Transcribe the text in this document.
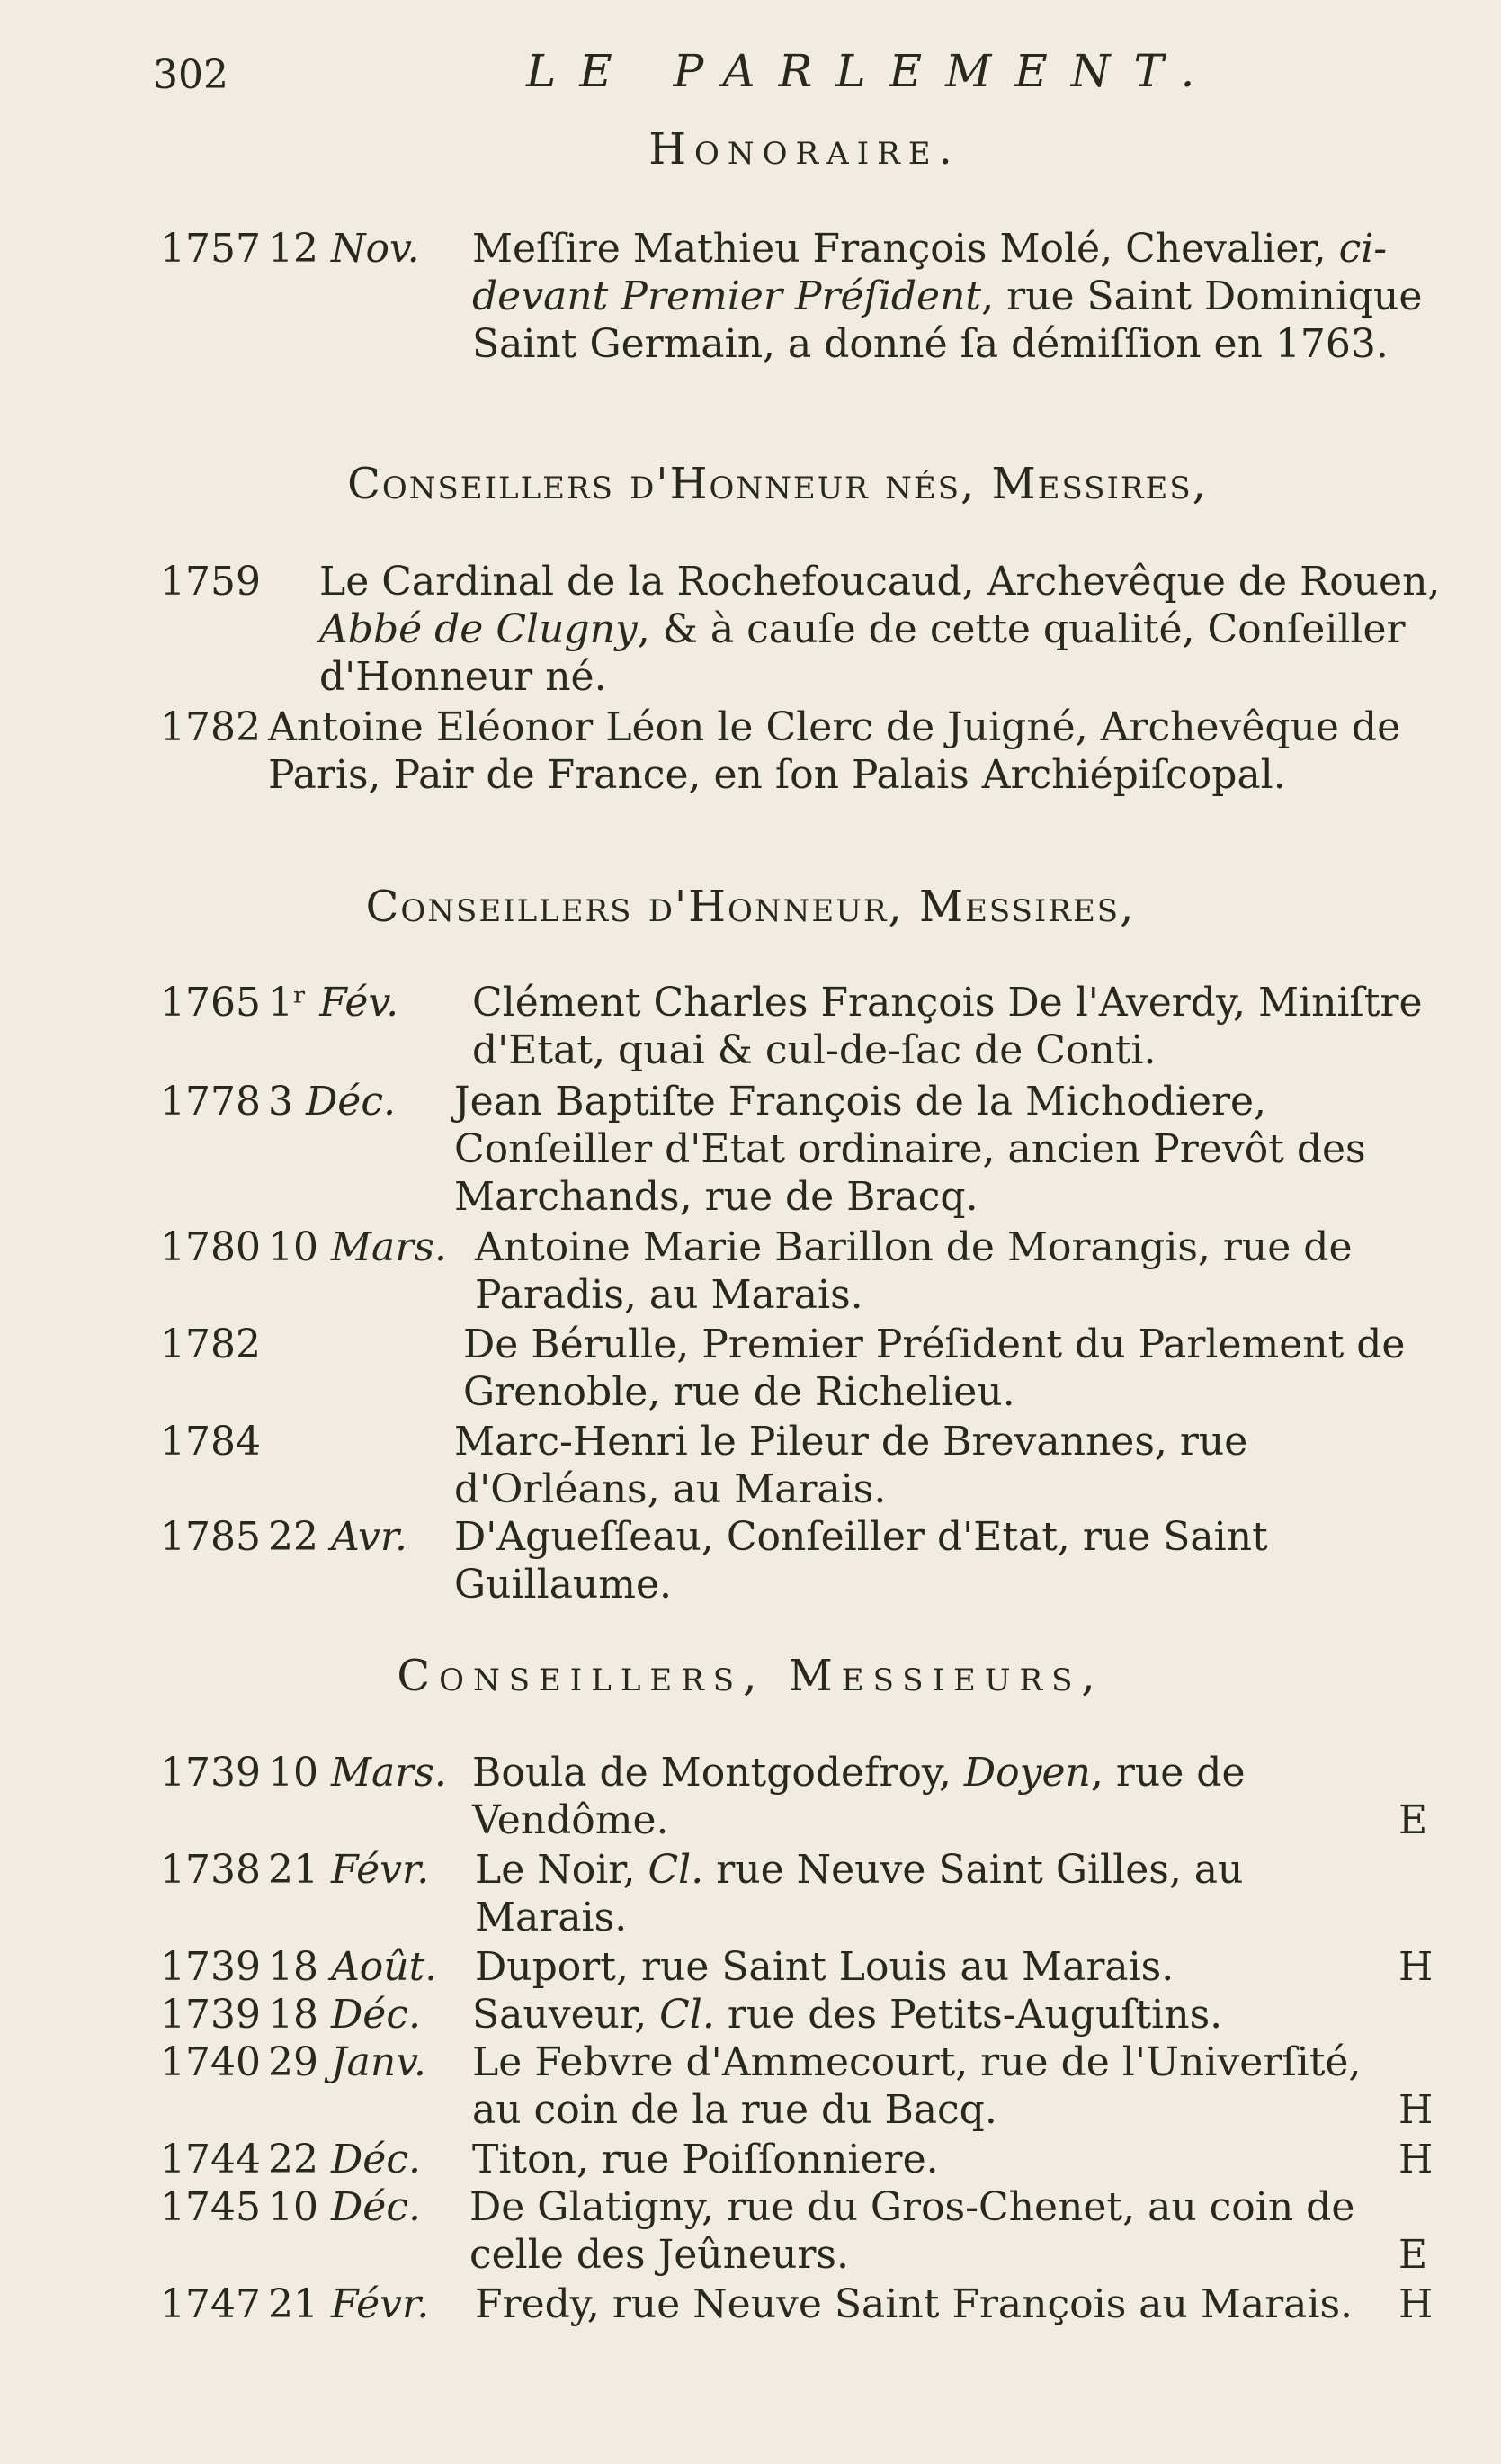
302	LE PARLEMENT.
Honoraire.
1757 12 Nov.	Meſſire Mathieu François Molé, Chevalier, ci-devant Premier Préſident, rue Saint Dominique Saint Germain, a donné ſa démiſſion en 1763.
Conseillers d'Honneur nés, Messires,
1759 Le Cardinal de la Rochefoucaud, Archevêque de Rouen, Abbé de Clugny, & à cauſe de cette qualité, Conſeiller d'Honneur né.
1782 Antoine Eléonor Léon le Clerc de Juigné, Archevêque de Paris, Pair de France, en ſon Palais Archiépiſcopal.
Conseillers d'Honneur, Messires,
1765 1ʳ Fév. Clément Charles François De l'Averdy, Miniſtre d'Etat, quai & cul-de-ſac de Conti.
1778 3 Déc. Jean Baptiſte François de la Michodiere, Conſeiller d'Etat ordinaire, ancien Prevôt des Marchands, rue de Bracq.
1780 10 Mars. Antoine Marie Barillon de Morangis, rue de Paradis, au Marais.
1782	De Bérulle, Premier Préſident du Parlement de Grenoble, rue de Richelieu.
1784	Marc-Henri le Pileur de Brevannes, rue d'Orléans, au Marais.
1785 22 Avr. D'Agueſſeau, Conſeiller d'Etat, rue Saint Guillaume.
Conseillers, Messieurs,
1739 10 Mars. Boula de Montgodefroy, Doyen, rue de Vendôme.	E
1738 21 Févr. Le Noir, Cl. rue Neuve Saint Gilles, au Marais.
1739 18 Août. Duport, rue Saint Louis au Marais.	H
1739 18 Déc. Sauveur, Cl. rue des Petits-Auguſtins.
1740 29 Janv. Le Febvre d'Ammecourt, rue de l'Univerſité, au coin de la rue du Bacq.	H
1744 22 Déc. Titon, rue Poiſſonniere.	H
1745 10 Déc. De Glatigny, rue du Gros-Chenet, au coin de celle des Jeûneurs.	E
1747 21 Févr. Fredy, rue Neuve Saint François au Marais.	H
